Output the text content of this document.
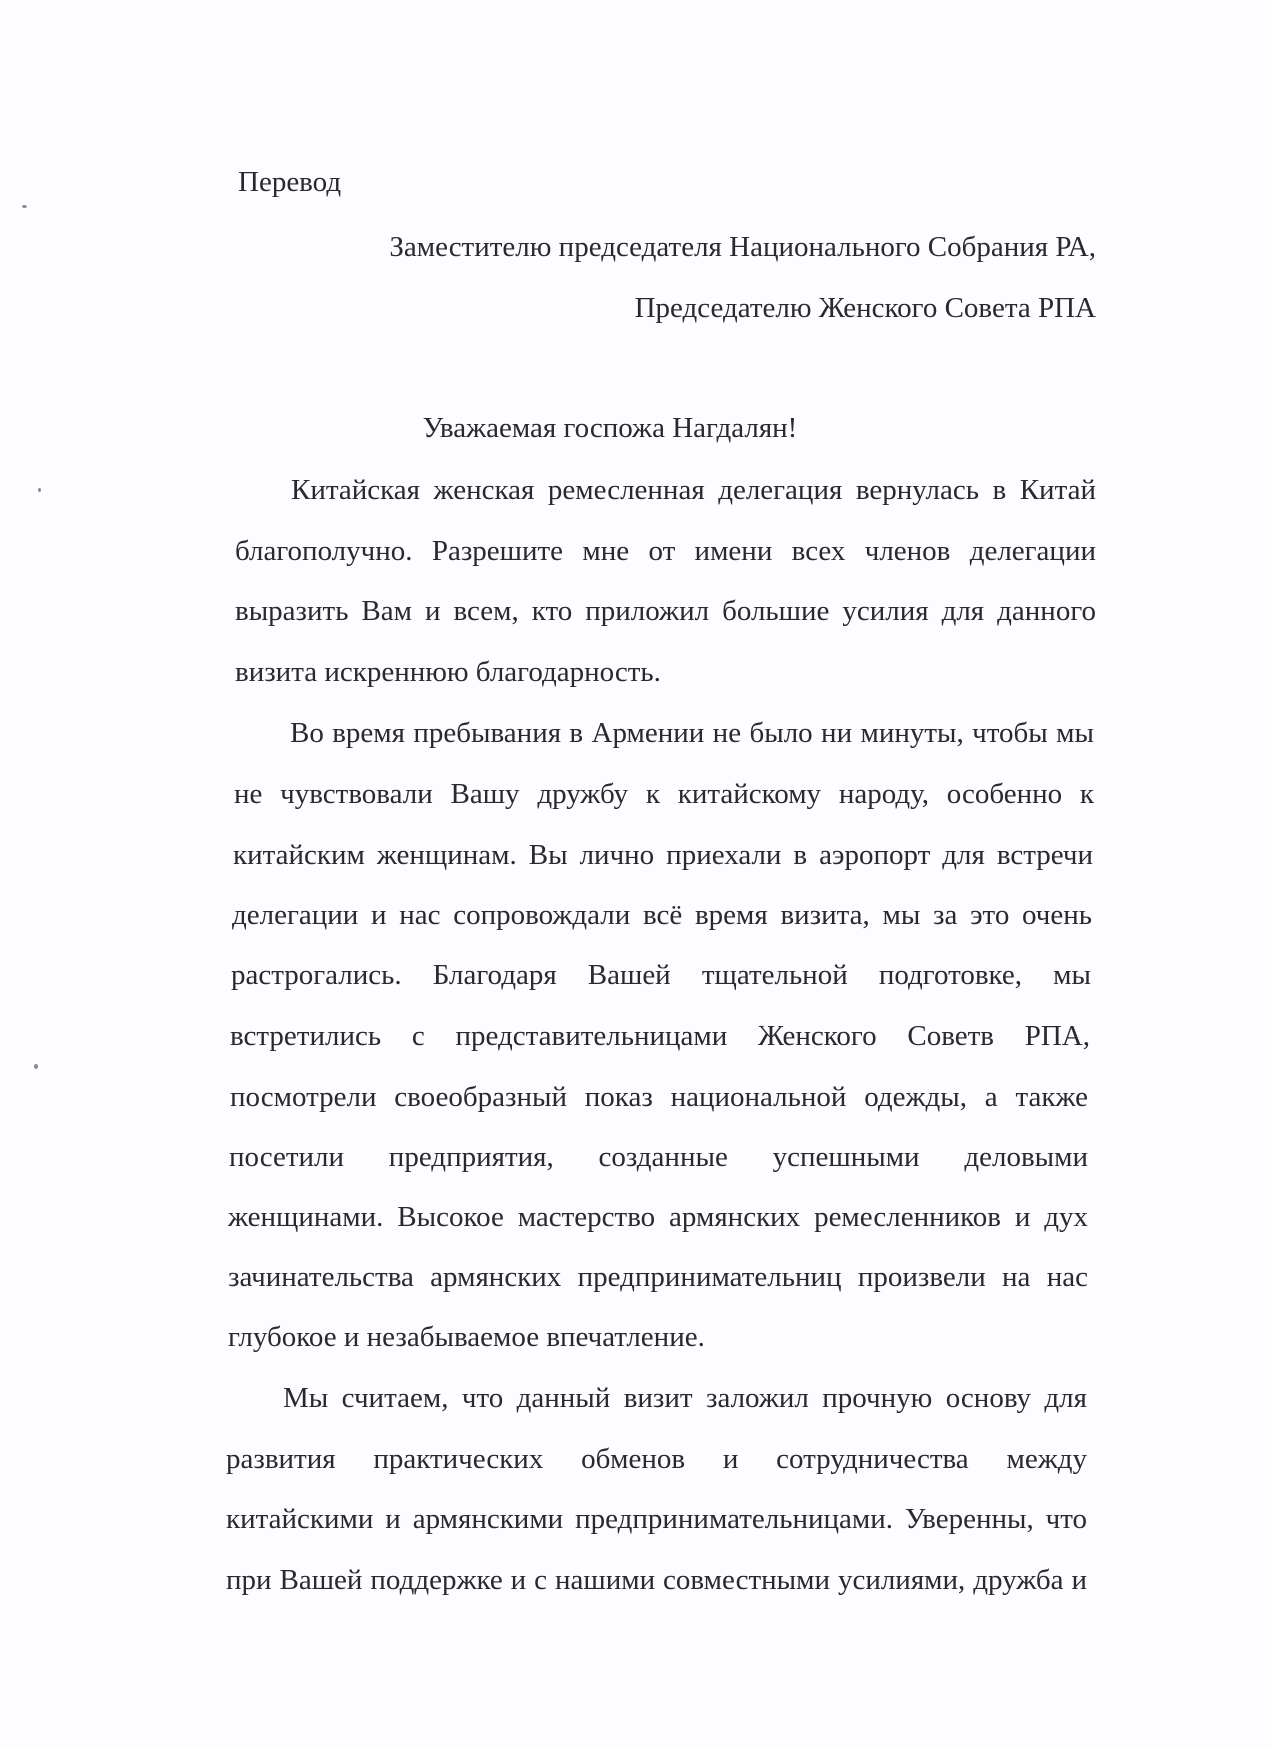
Перевод

Заместителю председателя Национального Собрания РА,

Председателю Женского Совета РПА

Уважаемая госпожа Нагдалян!

Китайская женская ремесленная делегация вернулась в Китай

благополучно. Разрешите мне от имени всех членов делегации

выразить Вам и всем, кто приложил большие усилия для данного

визита искреннюю благодарность.

Во время пребывания в Армении не было ни минуты, чтобы мы

не чувствовали Вашу дружбу к китайскому народу, особенно к

китайским женщинам. Вы лично приехали в аэропорт для встречи

делегации и нас сопровождали всё время визита, мы за это очень

растрогались. Благодаря Вашей тщательной подготовке, мы

встретились с представительницами Женского Советв РПА,

посмотрели своеобразный показ национальной одежды, а также

посетили предприятия, созданные успешными деловыми

женщинами. Высокое мастерство армянских ремесленников и дух

зачинательства армянских предпринимательниц произвели на нас

глубокое и незабываемое впечатление.

Мы считаем, что данный визит заложил прочную основу для

развития практических обменов и сотрудничества между

китайскими и армянскими предпринимательницами. Уверенны, что

при Вашей поддержке и с нашими совместными усилиями, дружба и
